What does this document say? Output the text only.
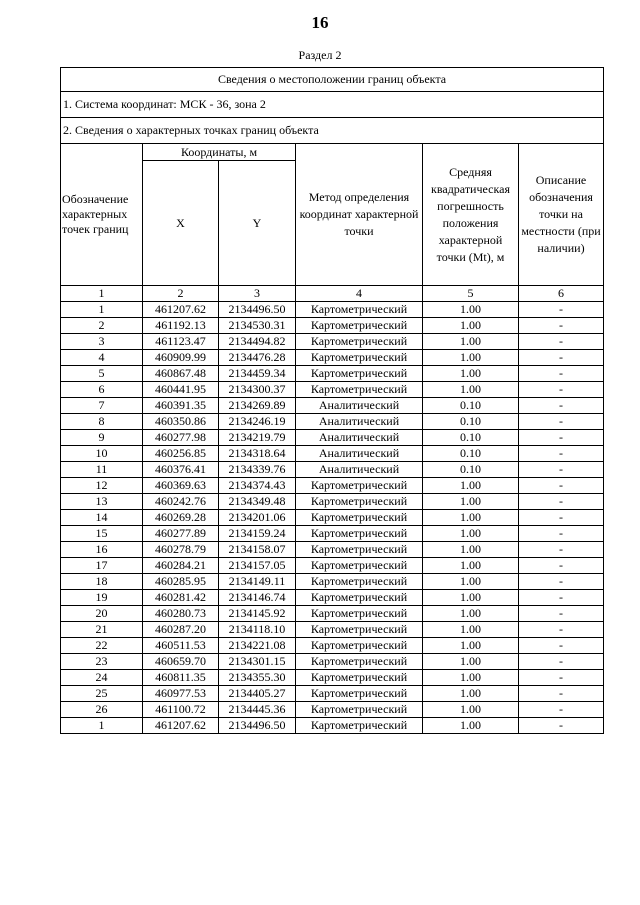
16
Раздел 2
Сведения о местоположении границ объекта					
1. Система координат: МСК - 36, зона 2					
2. Сведения о характерных точках границ объекта					
Обозначение характерных точек границ	Координаты, м		Метод определения координат характерной точки	Средняя квадратическая погрешность положения характерной точки (Mt), м	Описание обозначения точки на местности (при наличии)
	X	Y			
1	2	3	4	5	6
1	461207.62	2134496.50	Картометрический	1.00	-
2	461192.13	2134530.31	Картометрический	1.00	-
3	461123.47	2134494.82	Картометрический	1.00	-
4	460909.99	2134476.28	Картометрический	1.00	-
5	460867.48	2134459.34	Картометрический	1.00	-
6	460441.95	2134300.37	Картометрический	1.00	-
7	460391.35	2134269.89	Аналитический	0.10	-
8	460350.86	2134246.19	Аналитический	0.10	-
9	460277.98	2134219.79	Аналитический	0.10	-
10	460256.85	2134318.64	Аналитический	0.10	-
11	460376.41	2134339.76	Аналитический	0.10	-
12	460369.63	2134374.43	Картометрический	1.00	-
13	460242.76	2134349.48	Картометрический	1.00	-
14	460269.28	2134201.06	Картометрический	1.00	-
15	460277.89	2134159.24	Картометрический	1.00	-
16	460278.79	2134158.07	Картометрический	1.00	-
17	460284.21	2134157.05	Картометрический	1.00	-
18	460285.95	2134149.11	Картометрический	1.00	-
19	460281.42	2134146.74	Картометрический	1.00	-
20	460280.73	2134145.92	Картометрический	1.00	-
21	460287.20	2134118.10	Картометрический	1.00	-
22	460511.53	2134221.08	Картометрический	1.00	-
23	460659.70	2134301.15	Картометрический	1.00	-
24	460811.35	2134355.30	Картометрический	1.00	-
25	460977.53	2134405.27	Картометрический	1.00	-
26	461100.72	2134445.36	Картометрический	1.00	-
1	461207.62	2134496.50	Картометрический	1.00	-
